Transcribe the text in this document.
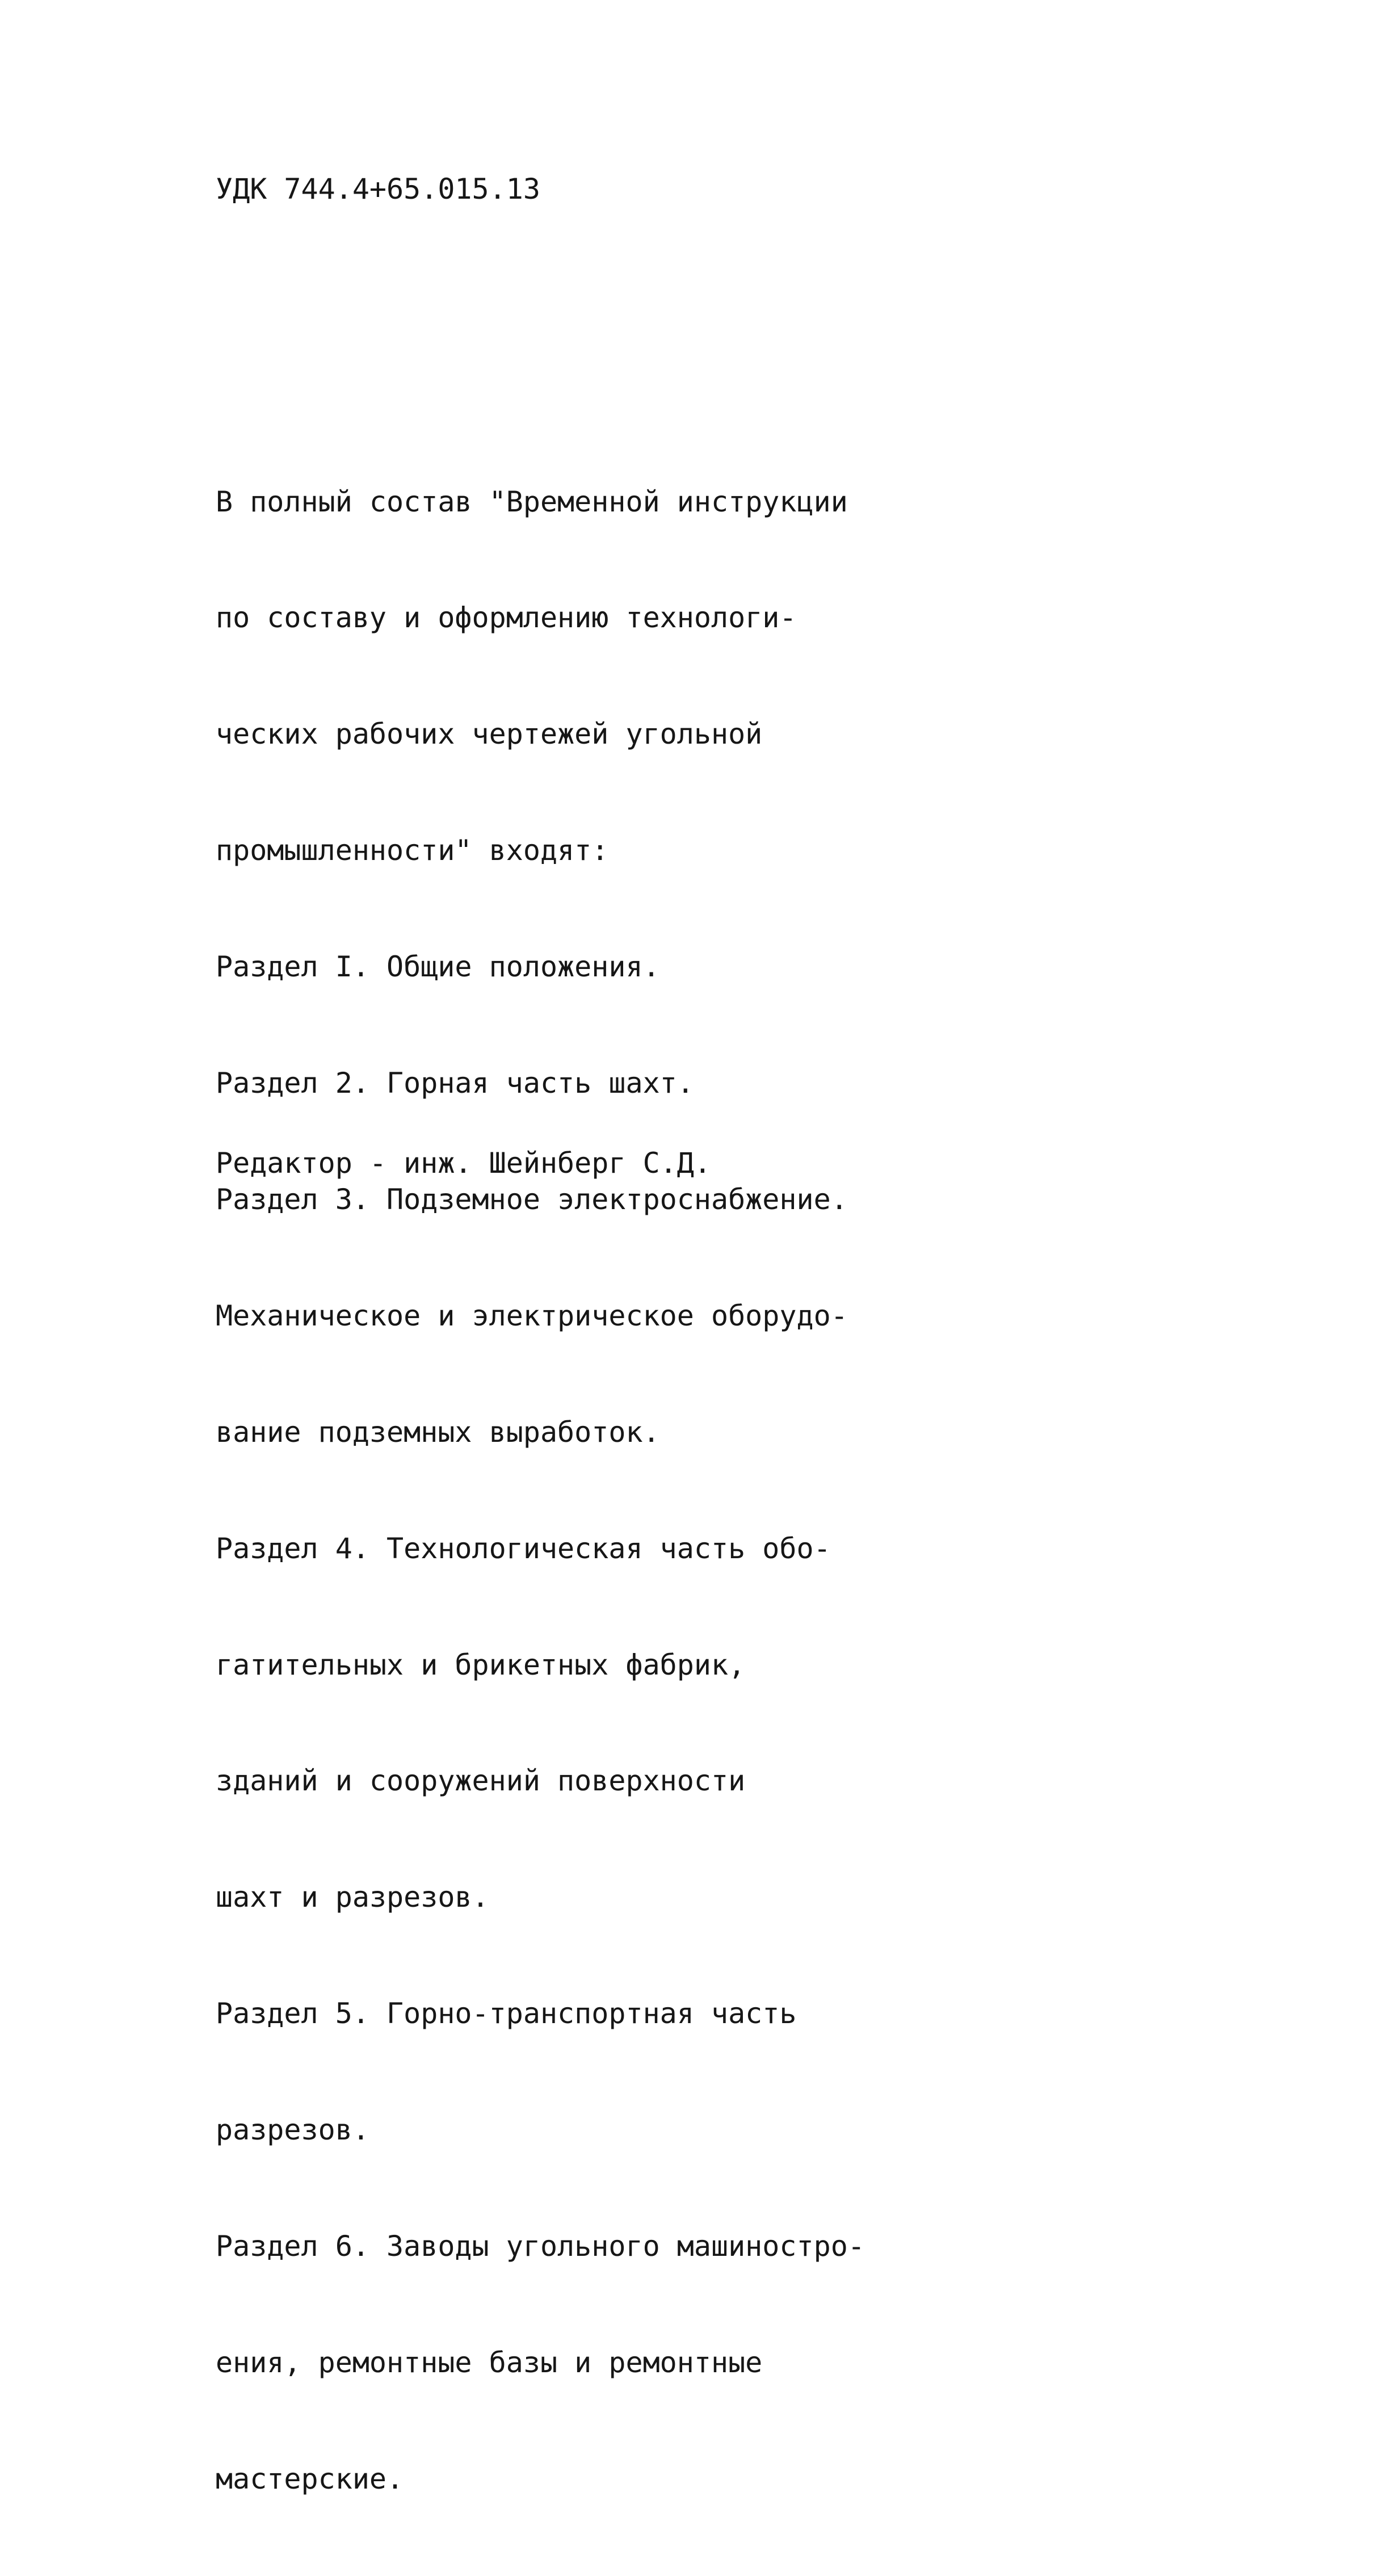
УДК 744.4+65.015.13

В полный состав "Временной инструкции

по составу и оформлению технологи-

ческих рабочих чертежей угольной

промышленности" входят:

Раздел I. Общие положения.

Раздел 2. Горная часть шахт.

Раздел 3. Подземное электроснабжение.

Механическое и электрическое оборудо-

вание подземных выработок.

Раздел 4. Технологическая часть обо-

гатительных и брикетных фабрик,

зданий и сооружений поверхности

шахт и разрезов.

Раздел 5. Горно-транспортная часть

разрезов.

Раздел 6. Заводы угольного машиностро-

ения, ремонтные базы и ремонтные

мастерские.

Редактор - инж. Шейнберг С.Д.
